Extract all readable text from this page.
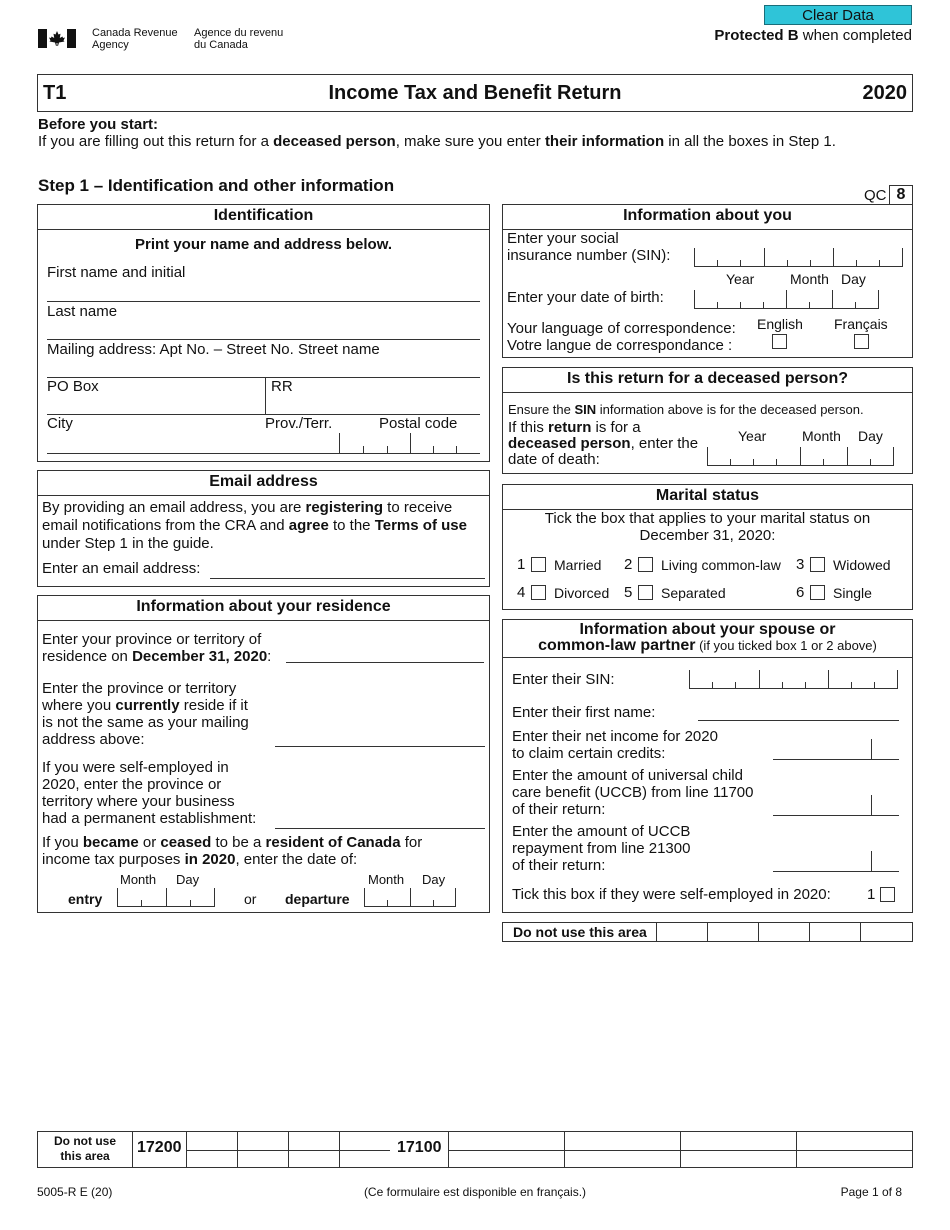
Canada Revenue
Agency
Agence du revenu
du Canada
Clear Data
Protected B when completed
T1	Income Tax and Benefit Return	2020
Before you start:
If you are filling out this return for a deceased person, make sure you enter their information in all the boxes in Step 1.
Step 1 – Identification and other information
QC 8
Identification
Print your name and address below.
First name and initial
Last name
Mailing address: Apt No. – Street No. Street name
PO Box	RR
City	Prov./Terr.	Postal code
Email address
By providing an email address, you are registering to receive
email notifications from the CRA and agree to the Terms of use
under Step 1 in the guide.
Enter an email address:
Information about your residence
Enter your province or territory of
residence on December 31, 2020:
Enter the province or territory
where you currently reside if it
is not the same as your mailing
address above:
If you were self-employed in
2020, enter the province or
territory where your business
had a permanent establishment:
If you became or ceased to be a resident of Canada for
income tax purposes in 2020, enter the date of:
Month Day	Month Day
entry	or departure
Information about you
Enter your social
insurance number (SIN):
Year	Month Day
Enter your date of birth:
English Français
Your language of correspondence:
Votre langue de correspondance :
Is this return for a deceased person?
Ensure the SIN information above is for the deceased person.
If this return is for a
deceased person, enter the
date of death:
Year	Month Day
Marital status
Tick the box that applies to your marital status on
December 31, 2020:
1 Married 2 Living common-law 3 Widowed
4 Divorced 5 Separated	6 Single
Information about your spouse or
common-law partner (if you ticked box 1 or 2 above)
Enter their SIN:
Enter their first name:
Enter their net income for 2020
to claim certain credits:
Enter the amount of universal child
care benefit (UCCB) from line 11700
of their return:
Enter the amount of UCCB
repayment from line 21300
of their return:
Tick this box if they were self-employed in 2020: 1
Do not use this area
Do not use
this area	17200	17100
5005-R E (20)	(Ce formulaire est disponible en français.)	Page 1 of 8
